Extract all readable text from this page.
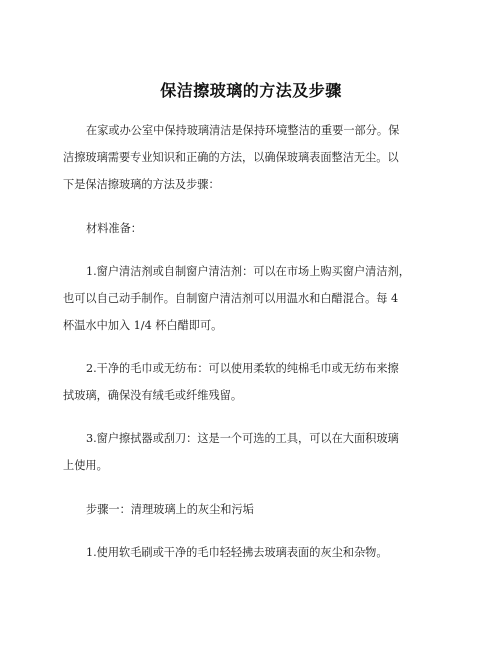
保洁擦玻璃的方法及步骤
在家或办公室中保持玻璃清洁是保持环境整洁的重要一部分。保
洁擦玻璃需要专业知识和正确的方法，以确保玻璃表面整洁无尘。以
下是保洁擦玻璃的方法及步骤：
材料准备：
1.窗户清洁剂或自制窗户清洁剂：可以在市场上购买窗户清洁剂，
也可以自己动手制作。自制窗户清洁剂可以用温水和白醋混合。每 4
杯温水中加入 1/4 杯白醋即可。
2.干净的毛巾或无纺布：可以使用柔软的纯棉毛巾或无纺布来擦
拭玻璃，确保没有绒毛或纤维残留。
3.窗户擦拭器或刮刀：这是一个可选的工具，可以在大面积玻璃
上使用。
步骤一：清理玻璃上的灰尘和污垢
1.使用软毛刷或干净的毛巾轻轻拂去玻璃表面的灰尘和杂物。
